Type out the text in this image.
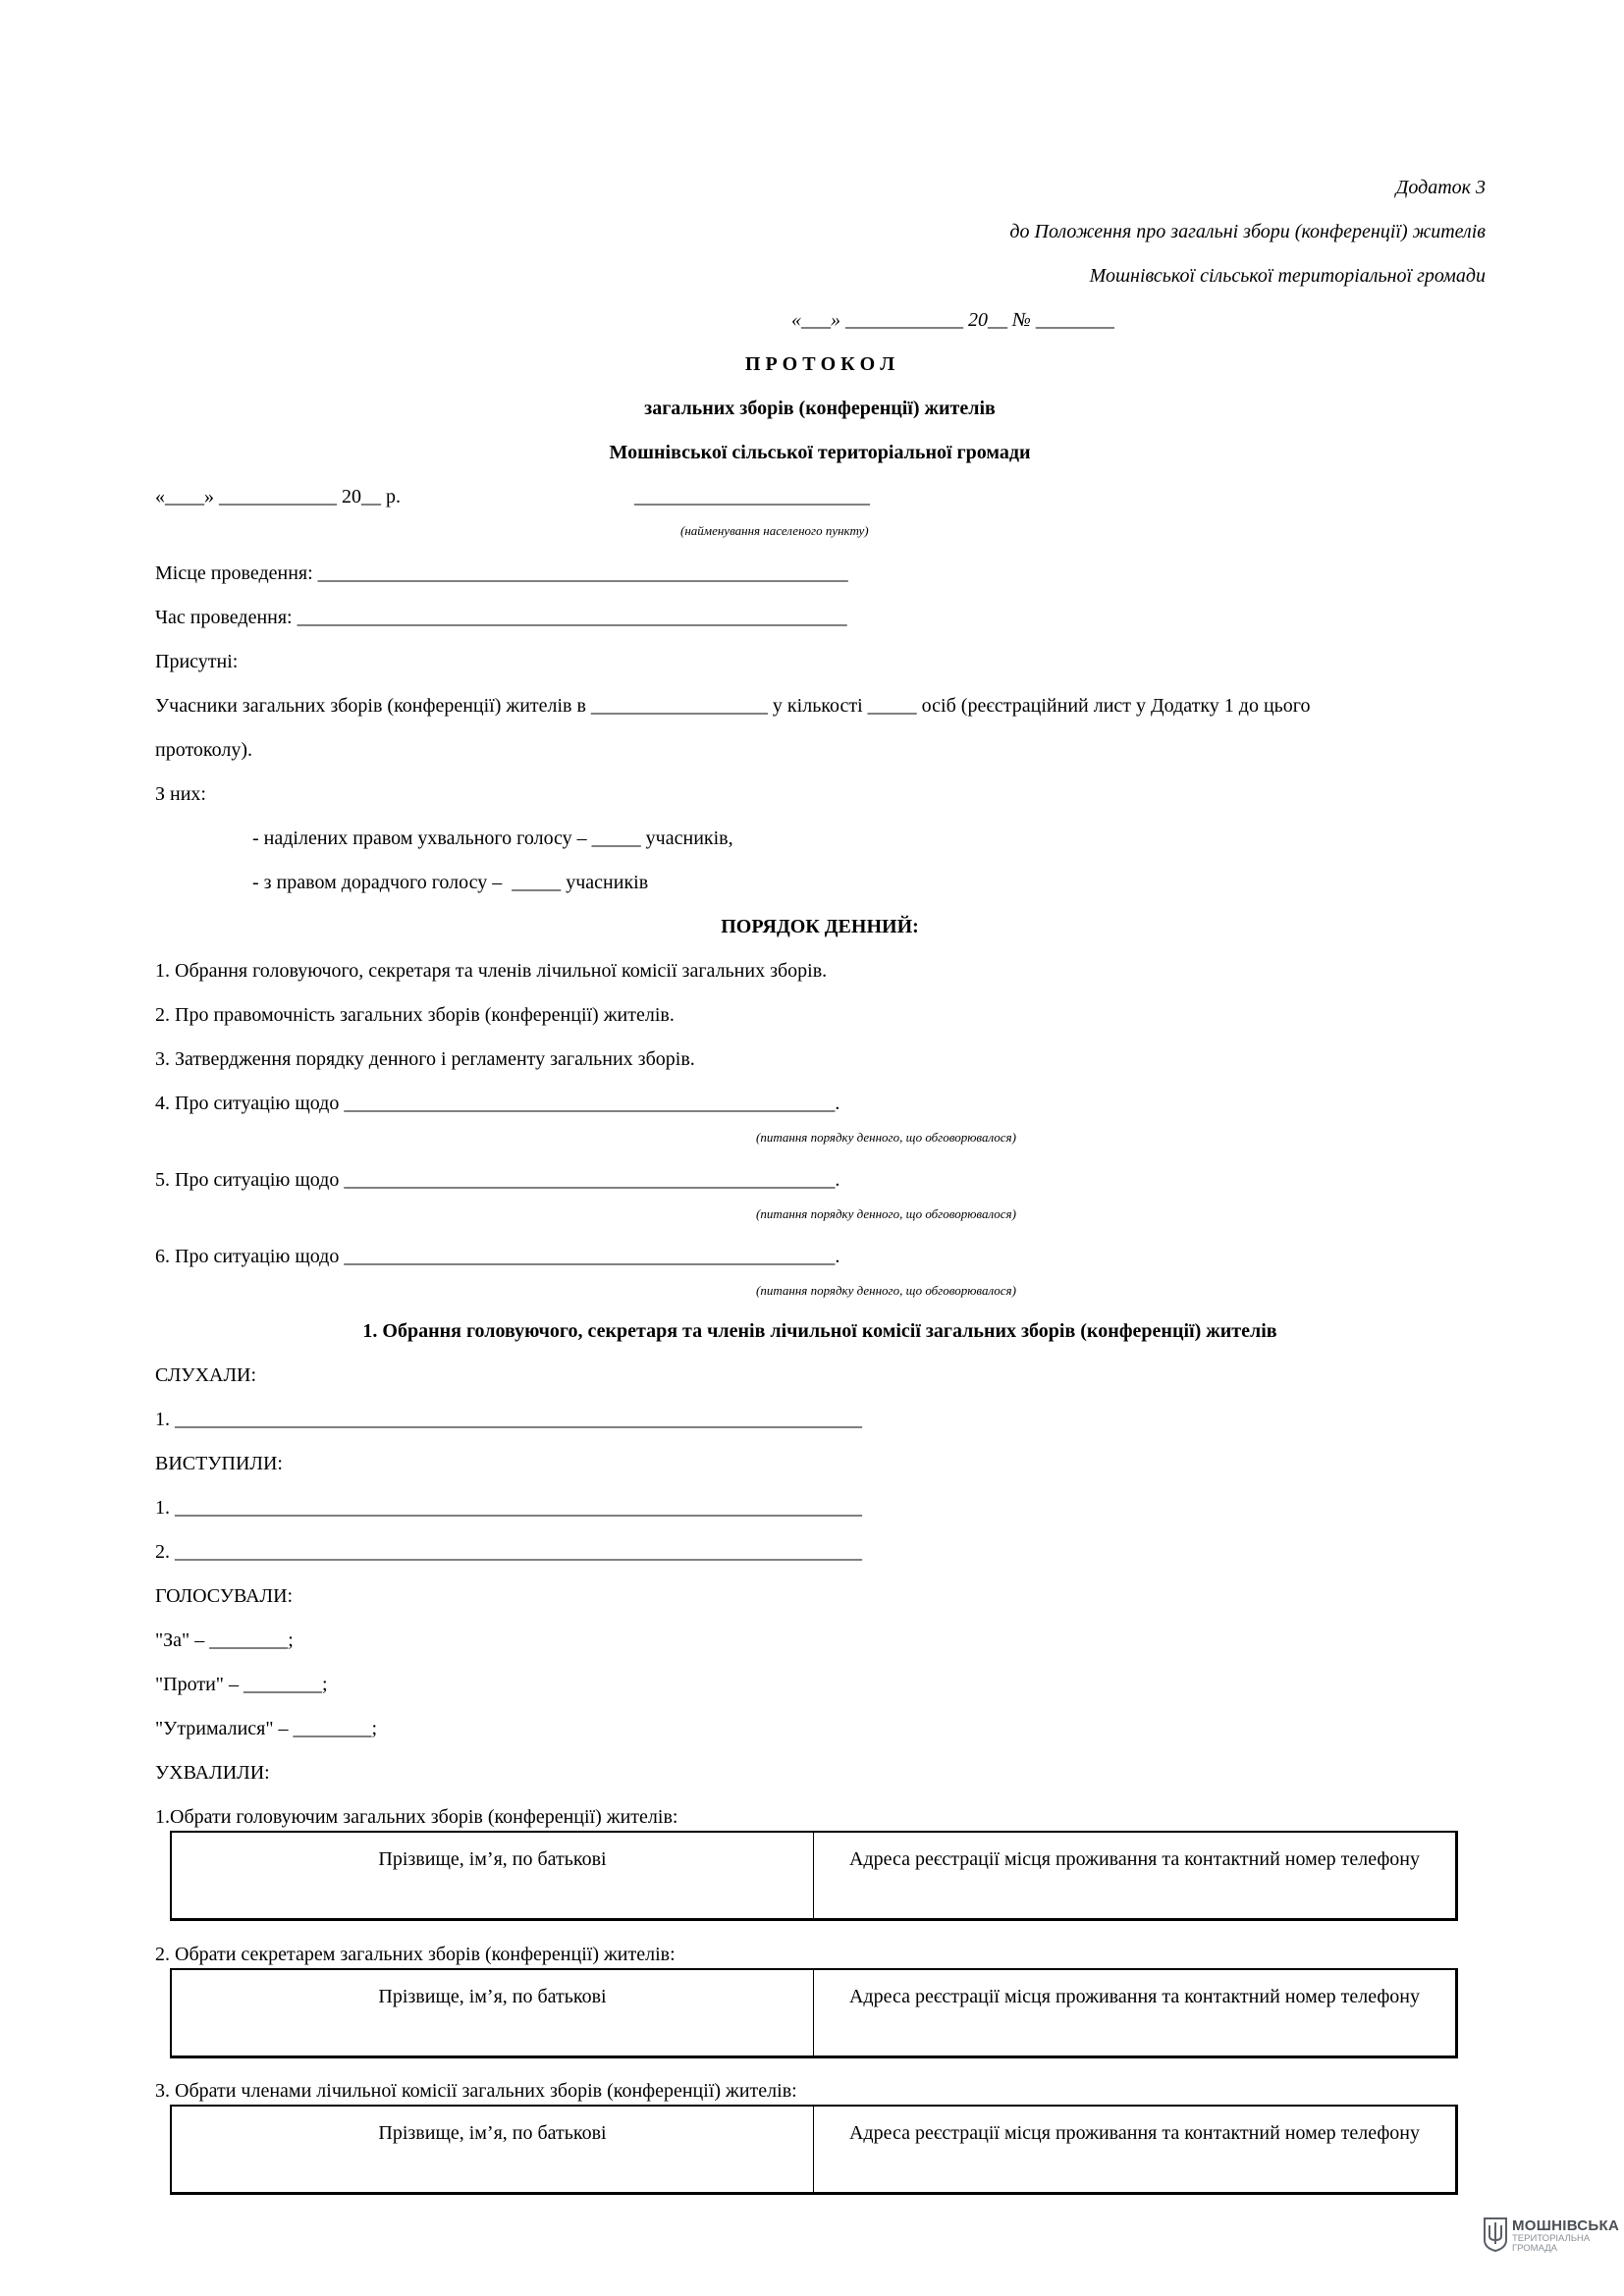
Додаток 3
до Положення про загальні збори (конференції) жителів
Мошнівської сільської територіальної громади
«___» ____________ 20__ № ________
П Р О Т О К О Л
загальних зборів (конференції) жителів
Мошнівської сільської територіальної громади
«____» ____________ 20__ р.	________________________
(найменування населеного пункту)
Місце проведення: ______________________________________________________
Час проведення: ________________________________________________________
Присутні:
Учасники загальних зборів (конференції) жителів в __________________ у кількості _____ осіб (реєстраційний лист у Додатку 1 до цього
протоколу).
З них:
- наділених правом ухвального голосу – _____ учасників,
- з правом дорадчого голосу –  _____ учасників
ПОРЯДОК ДЕННИЙ:
1. Обрання головуючого, секретаря та членів лічильної комісії загальних зборів.
2. Про правомочність загальних зборів (конференції) жителів.
3. Затвердження порядку денного і регламенту загальних зборів.
4. Про ситуацію щодо __________________________________________________.
(питання порядку денного, що обговорювалося)
5. Про ситуацію щодо __________________________________________________.
(питання порядку денного, що обговорювалося)
6. Про ситуацію щодо __________________________________________________.
(питання порядку денного, що обговорювалося)
1. Обрання головуючого, секретаря та членів лічильної комісії загальних зборів (конференції) жителів
СЛУХАЛИ:
1. ______________________________________________________________________
ВИСТУПИЛИ:
1. ______________________________________________________________________
2. ______________________________________________________________________
ГОЛОСУВАЛИ:
"За" – ________;
"Проти" – ________;
"Утрималися" – ________;
УХВАЛИЛИ:
1.Обрати головуючим загальних зборів (конференції) жителів:
Прізвище, ім’я, по батькові	Адреса реєстрації місця проживання та контактний номер телефону
2. Обрати секретарем загальних зборів (конференції) жителів:
Прізвище, ім’я, по батькові	Адреса реєстрації місця проживання та контактний номер телефону
3. Обрати членами лічильної комісії загальних зборів (конференції) жителів:
Прізвище, ім’я, по батькові	Адреса реєстрації місця проживання та контактний номер телефону
МОШНІВСЬКА
ТЕРИТОРІАЛЬНА
ГРОМАДА
